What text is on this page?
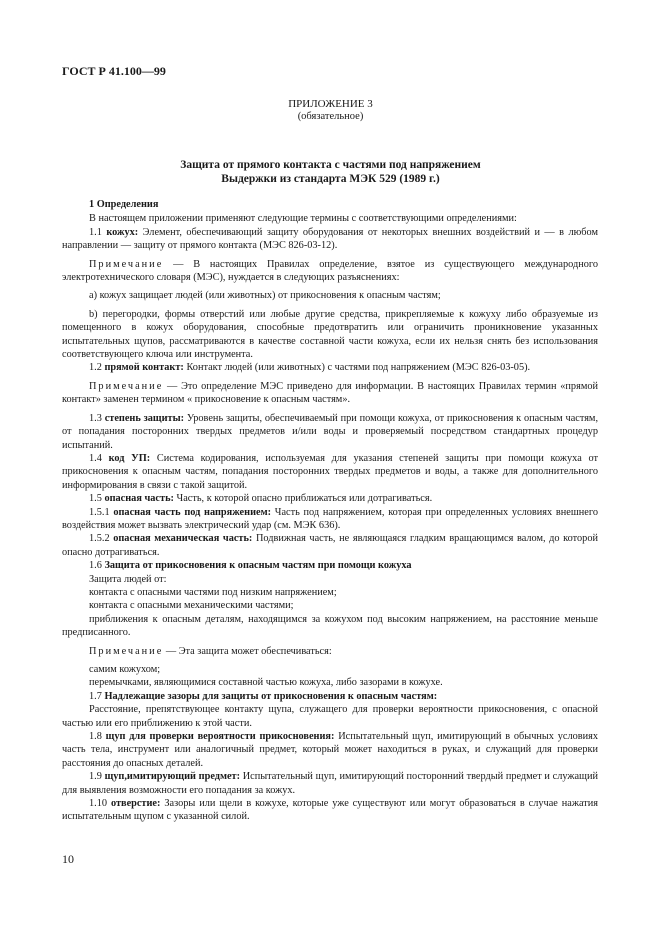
ГОСТ Р 41.100—99
ПРИЛОЖЕНИЕ 3
(обязательное)
Защита от прямого контакта с частями под напряжением
Выдержки из стандарта МЭК 529 (1989 г.)

1 Определения

В настоящем приложении применяют следующие термины с соответствующими определениями:

1.1 кожух: Элемент, обеспечивающий защиту оборудования от некоторых внешних воздействий и — в любом направлении — защиту от прямого контакта (МЭС 826-03-12).

Примечание — В настоящих Правилах определение, взятое из существующего международного электротехнического словаря (МЭС), нуждается в следующих разъяснениях:

а) кожух защищает людей (или животных) от прикосновения к опасным частям;

b) перегородки, формы отверстий или любые другие средства, прикрепляемые к кожуху либо образуемые из помещенного в кожух оборудования, способные предотвратить или ограничить проникновение указанных испытательных щупов, рассматриваются в качестве составной части кожуха, если их нельзя снять без использования соответствующего ключа или инструмента.

1.2 прямой контакт: Контакт людей (или животных) с частями под напряжением (МЭС 826-03-05).

Примечание — Это определение МЭС приведено для информации. В настоящих Правилах термин «прямой контакт» заменен термином « прикосновение к опасным частям».

1.3 степень защиты: Уровень защиты, обеспечиваемый при помощи кожуха, от прикосновения к опасным частям, от попадания посторонних твердых предметов и/или воды и проверяемый посредством стандартных процедур испытаний.

1.4 код УП: Система кодирования, используемая для указания степеней защиты при помощи кожуха от прикосновения к опасным частям, попадания посторонних твердых предметов и воды, а также для дополнительного информирования в связи с такой защитой.

1.5 опасная часть: Часть, к которой опасно приближаться или дотрагиваться.

1.5.1 опасная часть под напряжением: Часть под напряжением, которая при определенных условиях внешнего воздействия может вызвать электрический удар (см. МЭК 636).

1.5.2 опасная механическая часть: Подвижная часть, не являющаяся гладким вращающимся валом, до которой опасно дотрагиваться.

1.6 Защита от прикосновения к опасным частям при помощи кожуха

Защита людей от:

контакта с опасными частями под низким напряжением;

контакта с опасными механическими частями;

приближения к опасным деталям, находящимся за кожухом под высоким напряжением, на расстояние меньше предписанного.

Примечание — Эта защита может обеспечиваться:

самим кожухом;

перемычками, являющимися составной частью кожуха, либо зазорами в кожухе.

1.7 Надлежащие зазоры для защиты от прикосновения к опасным частям:

Расстояние, препятствующее контакту щупа, служащего для проверки вероятности прикосновения, с опасной частью или его приближению к этой части.

1.8 щуп для проверки вероятности прикосновения: Испытательный щуп, имитирующий в обычных условиях часть тела, инструмент или аналогичный предмет, который может находиться в руках, и служащий для проверки расстояния до опасных деталей.

1.9 щуп,имитирующий предмет: Испытательный щуп, имитирующий посторонний твердый предмет и служащий для выявления возможности его попадания за кожух.

1.10 отверстие: Зазоры или щели в кожухе, которые уже существуют или могут образоваться в случае нажатия испытательным щупом с указанной силой.

10
